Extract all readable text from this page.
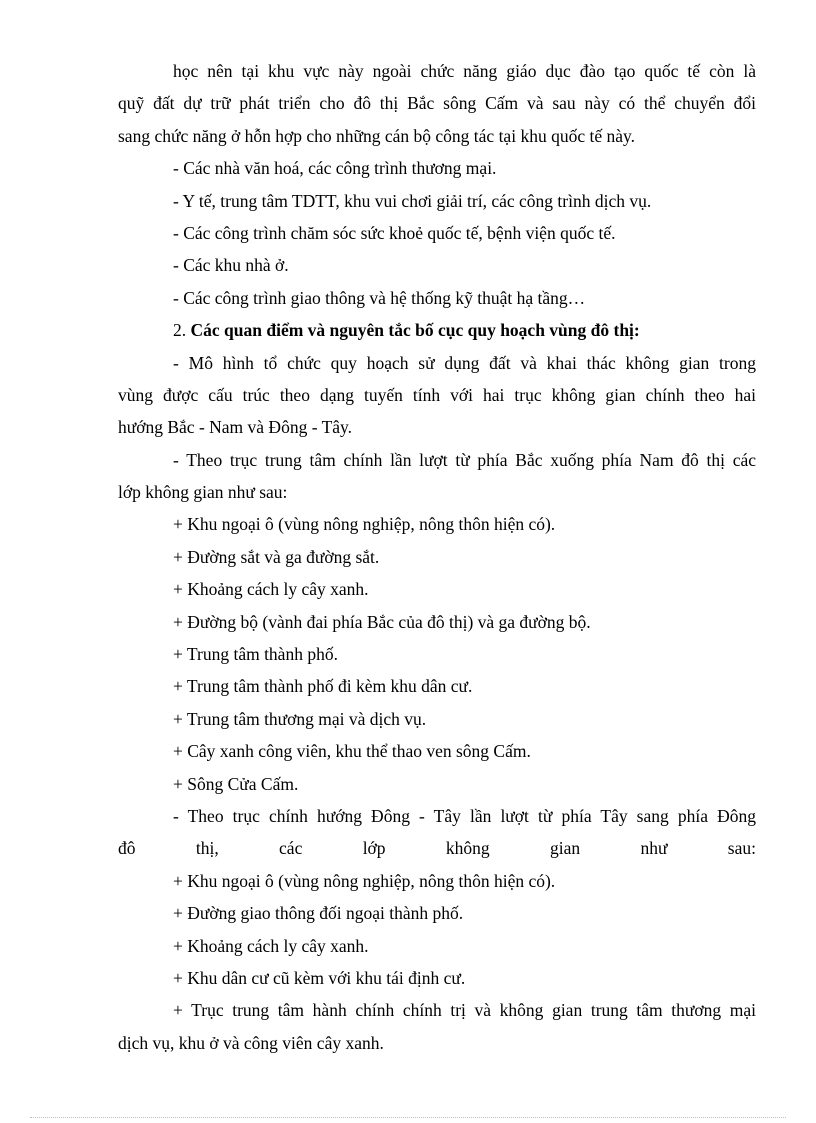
học nên tại khu vực này ngoài chức năng giáo dục đào tạo quốc tế còn là
quỹ đất dự trữ phát triển cho đô thị Bắc sông Cấm và sau này có thể chuyển đổi
sang chức năng ở hỗn hợp cho những cán bộ công tác tại khu quốc tế này.
- Các nhà văn hoá, các công trình thương mại.
- Y tế, trung tâm TDTT, khu vui chơi giải trí, các công trình dịch vụ.
- Các công trình chăm sóc sức khoẻ quốc tế, bệnh viện quốc tế.
- Các khu nhà ở.
- Các công trình giao thông và hệ thống kỹ thuật hạ tầng…
2. Các quan điểm và nguyên tắc bố cục quy hoạch vùng đô thị:
- Mô hình tổ chức quy hoạch sử dụng đất và khai thác không gian trong
vùng được cấu trúc theo dạng tuyến tính với hai trục không gian chính theo hai
hướng Bắc - Nam và Đông - Tây.
- Theo trục trung tâm chính lần lượt từ phía Bắc xuống phía Nam đô thị các
lớp không gian như sau:
+ Khu ngoại ô (vùng nông nghiệp, nông thôn hiện có).
+ Đường sắt và ga đường sắt.
+ Khoảng cách ly cây xanh.
+ Đường bộ (vành đai phía Bắc của đô thị) và ga đường bộ.
+ Trung tâm thành phố.
+ Trung tâm thành phố đi kèm khu dân cư.
+ Trung tâm thương mại và dịch vụ.
+ Cây xanh công viên, khu thể thao ven sông Cấm.
+ Sông Cửa Cấm.
- Theo trục chính hướng Đông - Tây lần lượt từ phía Tây sang phía Đông
đô thị, các lớp không gian như sau:
+ Khu ngoại ô (vùng nông nghiệp, nông thôn hiện có).
+ Đường giao thông đối ngoại thành phố.
+ Khoảng cách ly cây xanh.
+ Khu dân cư cũ kèm với khu tái định cư.
+ Trục trung tâm hành chính chính trị và không gian trung tâm thương mại
dịch vụ, khu ở và công viên cây xanh.
